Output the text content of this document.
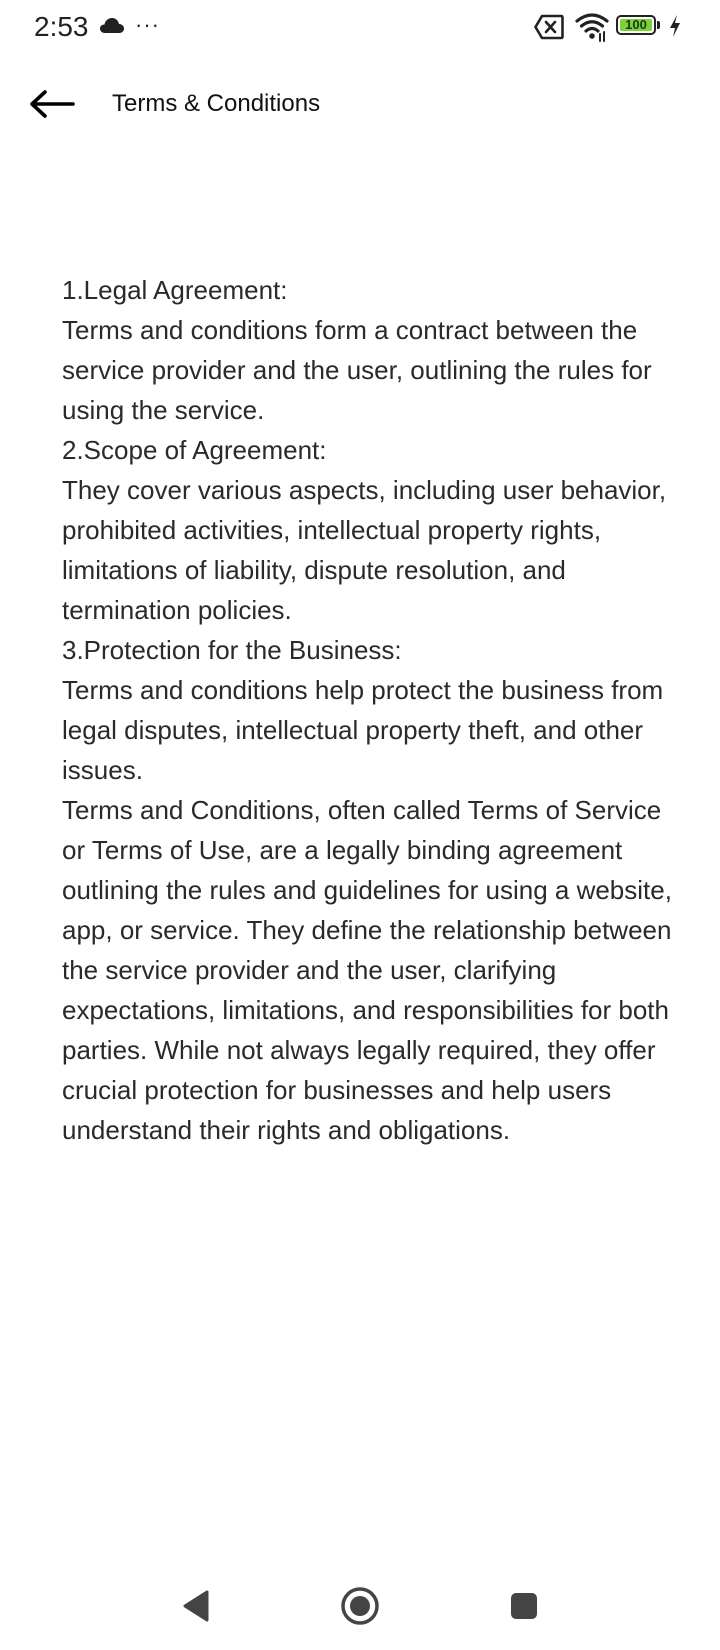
2:53 ···	100
Terms & Conditions

1.Legal Agreement:

Terms and conditions form a contract between the service provider and the user, outlining the rules for using the service.

2.Scope of Agreement:

They cover various aspects, including user behavior, prohibited activities, intellectual property rights, limitations of liability, dispute resolution, and termination policies.

3.Protection for the Business:

Terms and conditions help protect the business from legal disputes, intellectual property theft, and other issues.

Terms and Conditions, often called Terms of Service or Terms of Use, are a legally binding agreement outlining the rules and guidelines for using a website, app, or service. They define the relationship between the service provider and the user, clarifying expectations, limitations, and responsibilities for both parties. While not always legally required, they offer crucial protection for businesses and help users understand their rights and obligations.
